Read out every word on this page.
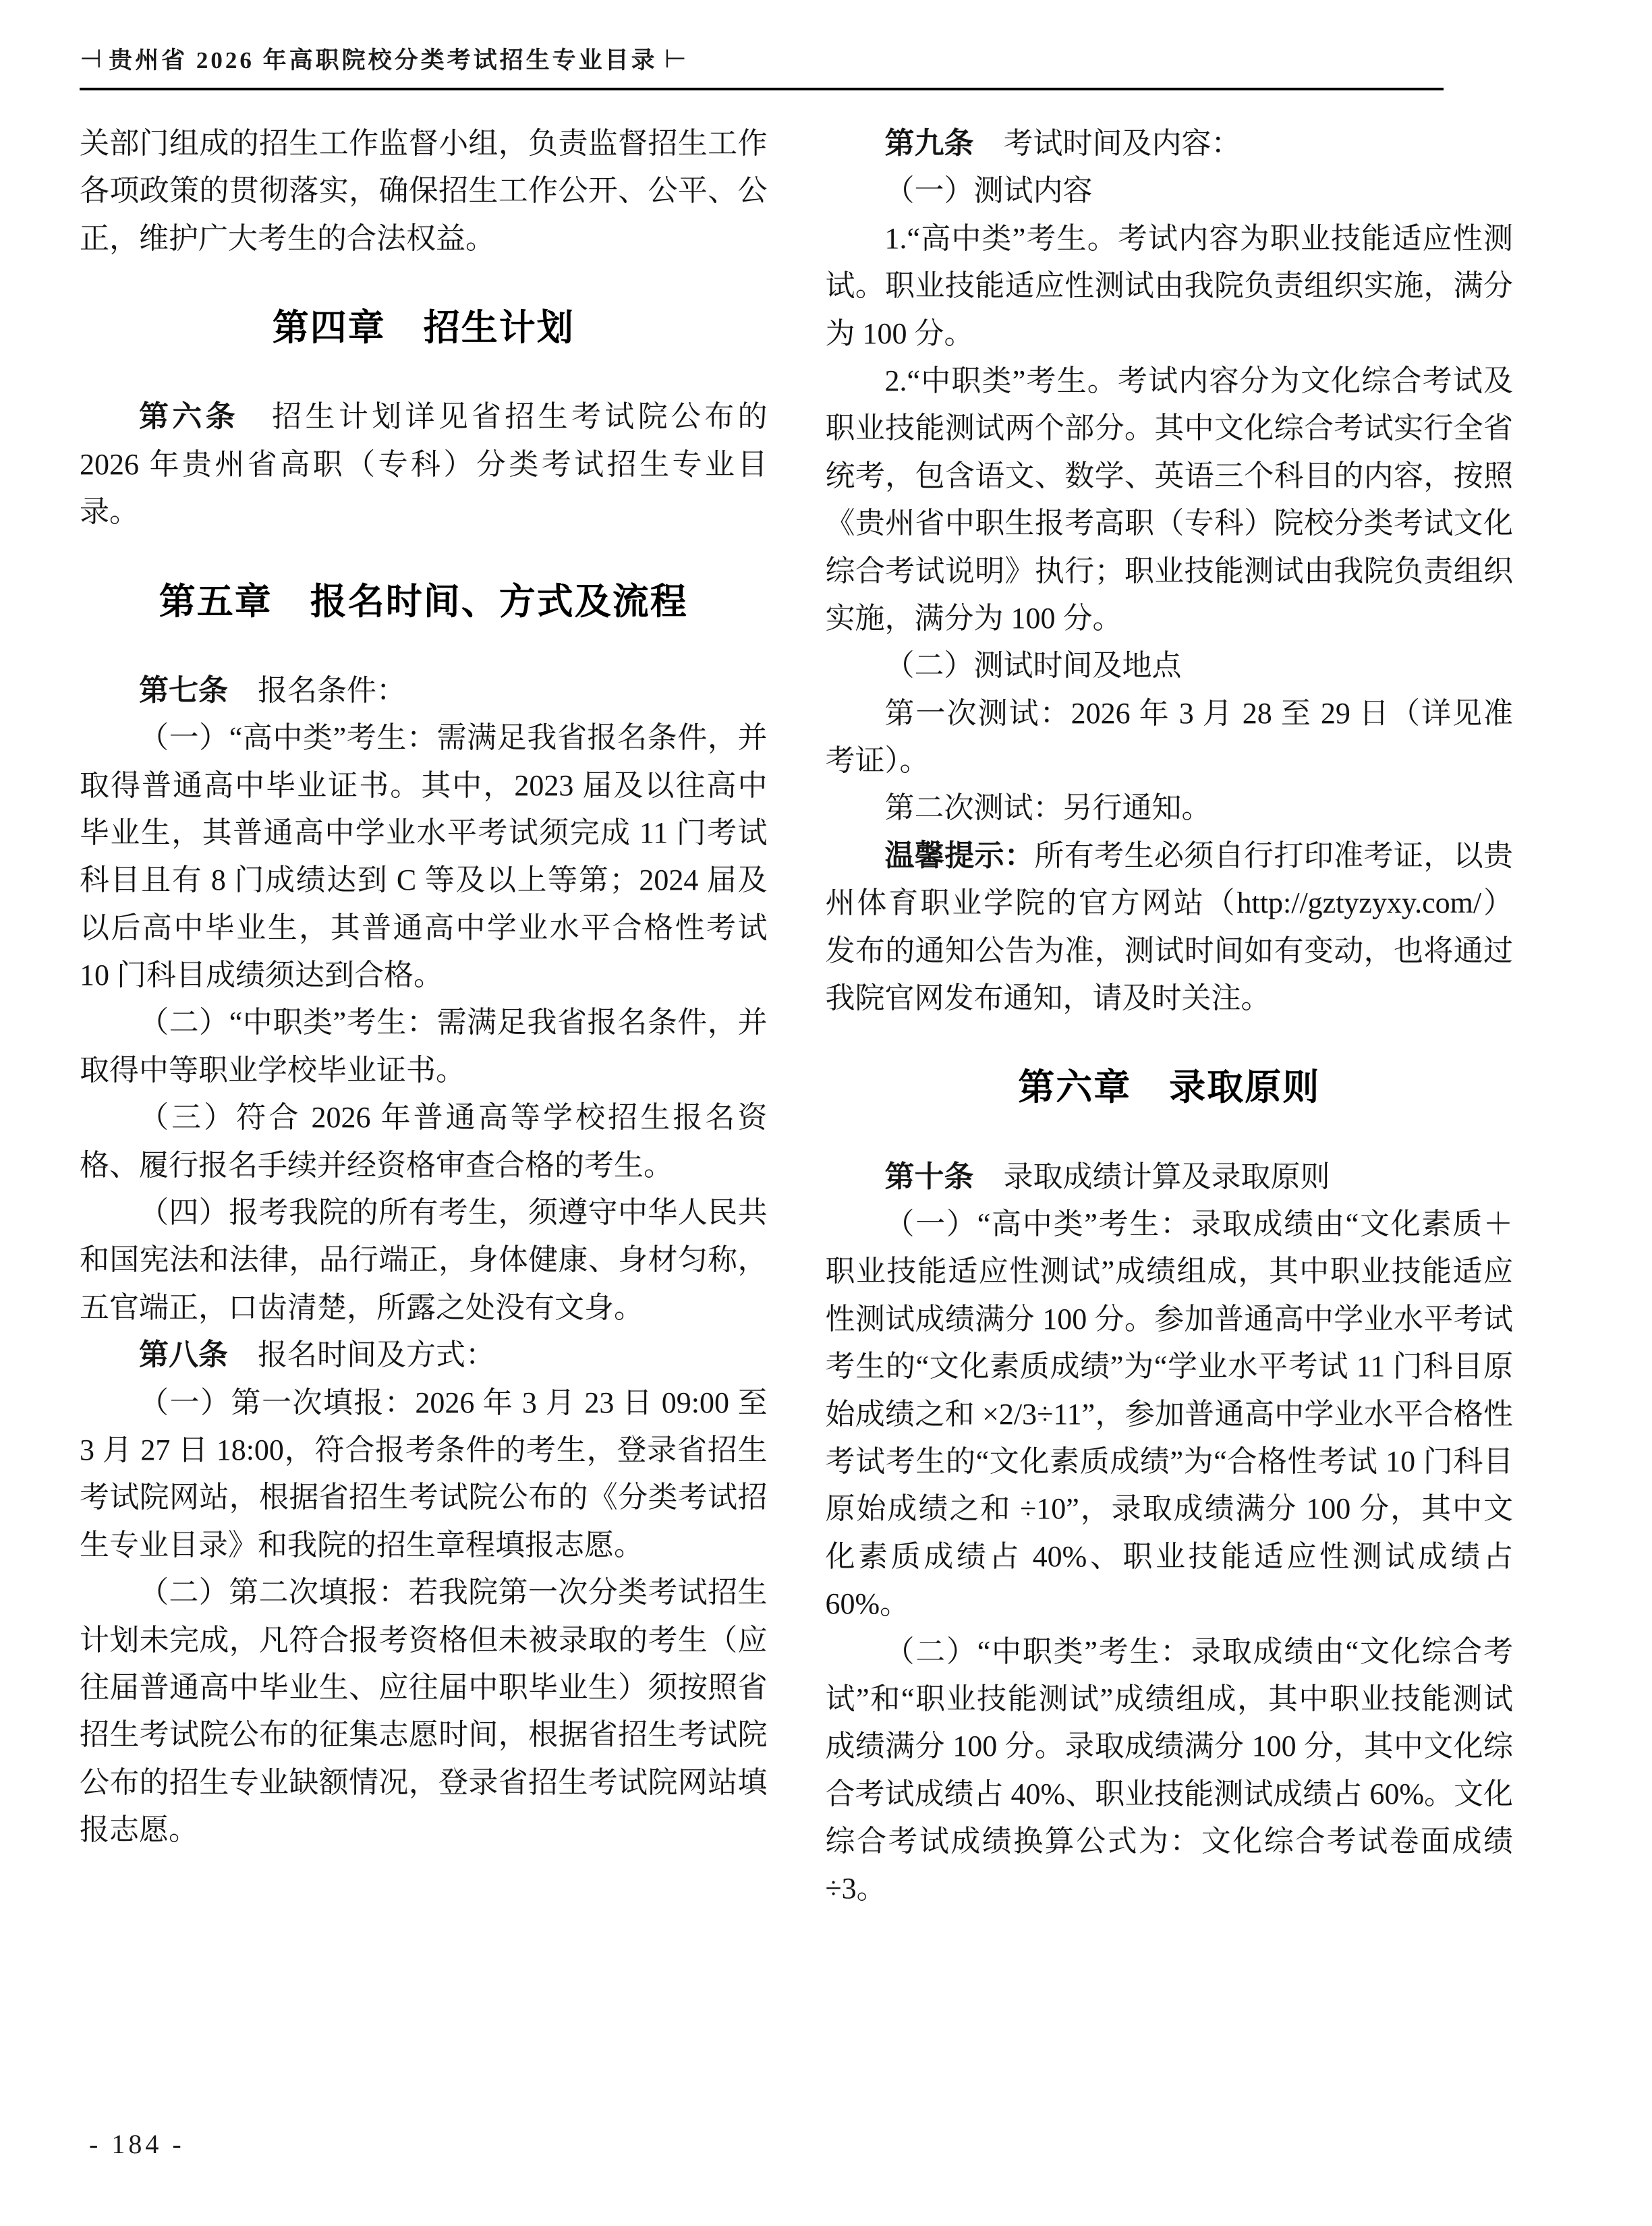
⊣ 贵州省 2026 年高职院校分类考试招生专业目录 ⊢

关部门组成的招生工作监督小组，负责监督招生工作各项政策的贯彻落实，确保招生工作公开、公平、公正，维护广大考生的合法权益。

第四章　招生计划

第六条　招生计划详见省招生考试院公布的 2026 年贵州省高职（专科）分类考试招生专业目录。

第五章　报名时间、方式及流程

第七条　报名条件：

（一）“高中类”考生：需满足我省报名条件，并取得普通高中毕业证书。其中，2023 届及以往高中毕业生，其普通高中学业水平考试须完成 11 门考试科目且有 8 门成绩达到 C 等及以上等第；2024 届及以后高中毕业生，其普通高中学业水平合格性考试 10 门科目成绩须达到合格。

（二）“中职类”考生：需满足我省报名条件，并取得中等职业学校毕业证书。

（三）符合 2026 年普通高等学校招生报名资格、履行报名手续并经资格审查合格的考生。

（四）报考我院的所有考生，须遵守中华人民共和国宪法和法律，品行端正，身体健康、身材匀称，五官端正，口齿清楚，所露之处没有文身。

第八条　报名时间及方式：

（一）第一次填报：2026 年 3 月 23 日 09:00 至 3 月 27 日 18:00，符合报考条件的考生，登录省招生考试院网站，根据省招生考试院公布的《分类考试招生专业目录》和我院的招生章程填报志愿。

（二）第二次填报：若我院第一次分类考试招生计划未完成，凡符合报考资格但未被录取的考生（应往届普通高中毕业生、应往届中职毕业生）须按照省招生考试院公布的征集志愿时间，根据省招生考试院公布的招生专业缺额情况，登录省招生考试院网站填报志愿。

第九条　考试时间及内容：

（一）测试内容

1.“高中类”考生。考试内容为职业技能适应性测试。职业技能适应性测试由我院负责组织实施，满分为 100 分。

2.“中职类”考生。考试内容分为文化综合考试及职业技能测试两个部分。其中文化综合考试实行全省统考，包含语文、数学、英语三个科目的内容，按照《贵州省中职生报考高职（专科）院校分类考试文化综合考试说明》执行；职业技能测试由我院负责组织实施，满分为 100 分。

（二）测试时间及地点

第一次测试：2026 年 3 月 28 至 29 日（详见准考证）。

第二次测试：另行通知。

温馨提示：所有考生必须自行打印准考证，以贵州体育职业学院的官方网站（http://gztyzyxy.com/）发布的通知公告为准，测试时间如有变动，也将通过我院官网发布通知，请及时关注。

第六章　录取原则

第十条　录取成绩计算及录取原则

（一）“高中类”考生：录取成绩由“文化素质＋职业技能适应性测试”成绩组成，其中职业技能适应性测试成绩满分 100 分。参加普通高中学业水平考试考生的“文化素质成绩”为“学业水平考试 11 门科目原始成绩之和 ×2/3÷11”，参加普通高中学业水平合格性考试考生的“文化素质成绩”为“合格性考试 10 门科目原始成绩之和 ÷10”，录取成绩满分 100 分，其中文化素质成绩占 40%、职业技能适应性测试成绩占 60%。

（二）“中职类”考生：录取成绩由“文化综合考试”和“职业技能测试”成绩组成，其中职业技能测试成绩满分 100 分。录取成绩满分 100 分，其中文化综合考试成绩占 40%、职业技能测试成绩占 60%。文化综合考试成绩换算公式为：文化综合考试卷面成绩÷3。

- 184 -
